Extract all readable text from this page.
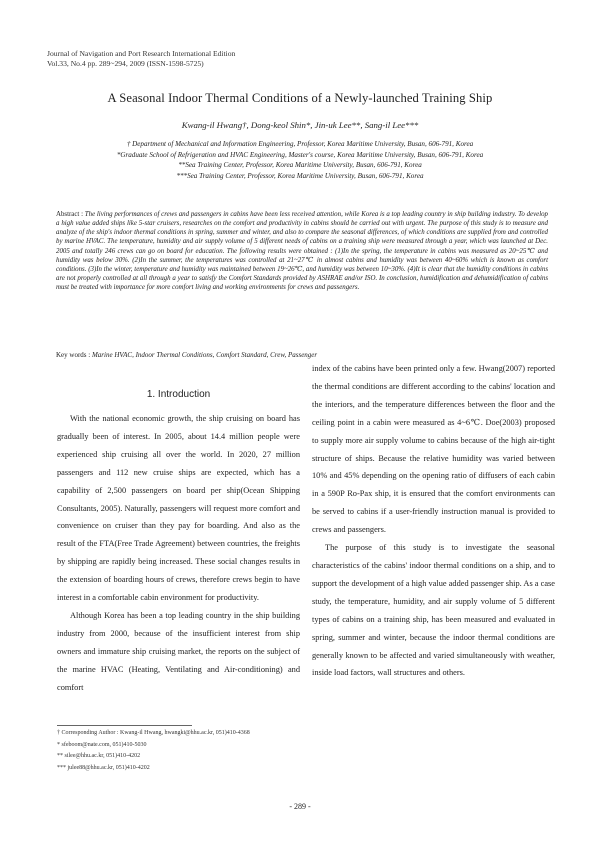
Journal of Navigation and Port Research International Edition
Vol.33, No.4 pp. 289~294, 2009 (ISSN-1598-5725)
A Seasonal Indoor Thermal Conditions of a Newly-launched Training Ship
Kwang-il Hwang†, Dong-keol Shin*, Jin-uk Lee**, Sang-il Lee***
† Department of Mechanical and Information Engineering, Professor, Korea Maritime University, Busan, 606-791, Korea
*Graduate School of Refrigeration and HVAC Engineering, Master's course, Korea Maritime University, Busan, 606-791, Korea
**Sea Training Center, Professor, Korea Maritime University, Busan, 606-791, Korea
***Sea Training Center, Professor, Korea Maritime University, Busan, 606-791, Korea
Abstract : The living performances of crews and passengers in cabins have been less received attention, while Korea is a top leading country in ship building industry. To develop a high value added ships like 5-star cruisers, researches on the comfort and productivity in cabins should be carried out with urgent. The purpose of this study is to measure and analyze of the ship's indoor thermal conditions in spring, summer and winter, and also to compare the seasonal differences, of which conditions are supplied from and controlled by marine HVAC. The temperature, humidity and air supply volume of 5 different needs of cabins on a training ship were measured through a year, which was launched at Dec. 2005 and totally 246 crews can go on board for education. The following results were obtained : (1)In the spring, the temperature in cabins was measured as 20~25℃ and humidity was below 30%. (2)In the summer, the temperatures was controlled at 21~27℃ in almost cabins and humidity was between 40~60% which is known as comfort conditions. (3)In the winter, temperature and humidity was maintained between 19~26℃, and humidity was between 10~30%. (4)It is clear that the humidity conditions in cabins are not properly controlled at all through a year to satisfy the Comfort Standards provided by ASHRAE and/or ISO. In conclusion, humidification and dehumidification of cabins must be treated with importance for more comfort living and working environments for crews and passengers.
Key words : Marine HVAC, Indoor Thermal Conditions, Comfort Standard, Crew, Passenger
1. Introduction

With the national economic growth, the ship cruising on board has gradually been of interest. In 2005, about 14.4 million people were experienced ship cruising all over the world. In 2020, 27 million passengers and 112 new cruise ships are expected, which has a capability of 2,500 passengers on board per ship(Ocean Shipping Consultants, 2005). Naturally, passengers will request more comfort and convenience on cruiser than they pay for boarding. And also as the result of the FTA(Free Trade Agreement) between countries, the freights by shipping are rapidly being increased. These social changes results in the extension of boarding hours of crews, therefore crews begin to have interest in a comfortable cabin environment for productivity.

Although Korea has been a top leading country in the ship building industry from 2000, because of the insufficient interest from ship owners and immature ship cruising market, the reports on the subject of the marine HVAC (Heating, Ventilating and Air-conditioning) and comfort

index of the cabins have been printed only a few. Hwang(2007) reported the thermal conditions are different according to the cabins' location and the interiors, and the temperature differences between the floor and the ceiling point in a cabin were measured as 4~6℃. Doe(2003) proposed to supply more air supply volume to cabins because of the high air-tight structure of ships. Because the relative humidity was varied between 10% and 45% depending on the opening ratio of diffusers of each cabin in a 590P Ro-Pax ship, it is ensured that the comfort environments can be served to cabins if a user-friendly instruction manual is provided to crews and passengers.

The purpose of this study is to investigate the seasonal characteristics of the cabins' indoor thermal conditions on a ship, and to support the development of a high value added passenger ship. As a case study, the temperature, humidity, and air supply volume of 5 different types of cabins on a training ship, has been measured and evaluated in spring, summer and winter, because the indoor thermal conditions are generally known to be affected and varied simultaneously with weather, inside load factors, wall structures and others.

† Corresponding Author : Kwang-il Hwang, hwangki@hhu.ac.kr, 051)410-4368
* sfeboom@nate.com, 051)410-5030
** silee@hhu.ac.kr, 051)410-4202
*** julee88@hhu.ac.kr, 051)410-4202
- 289 -
